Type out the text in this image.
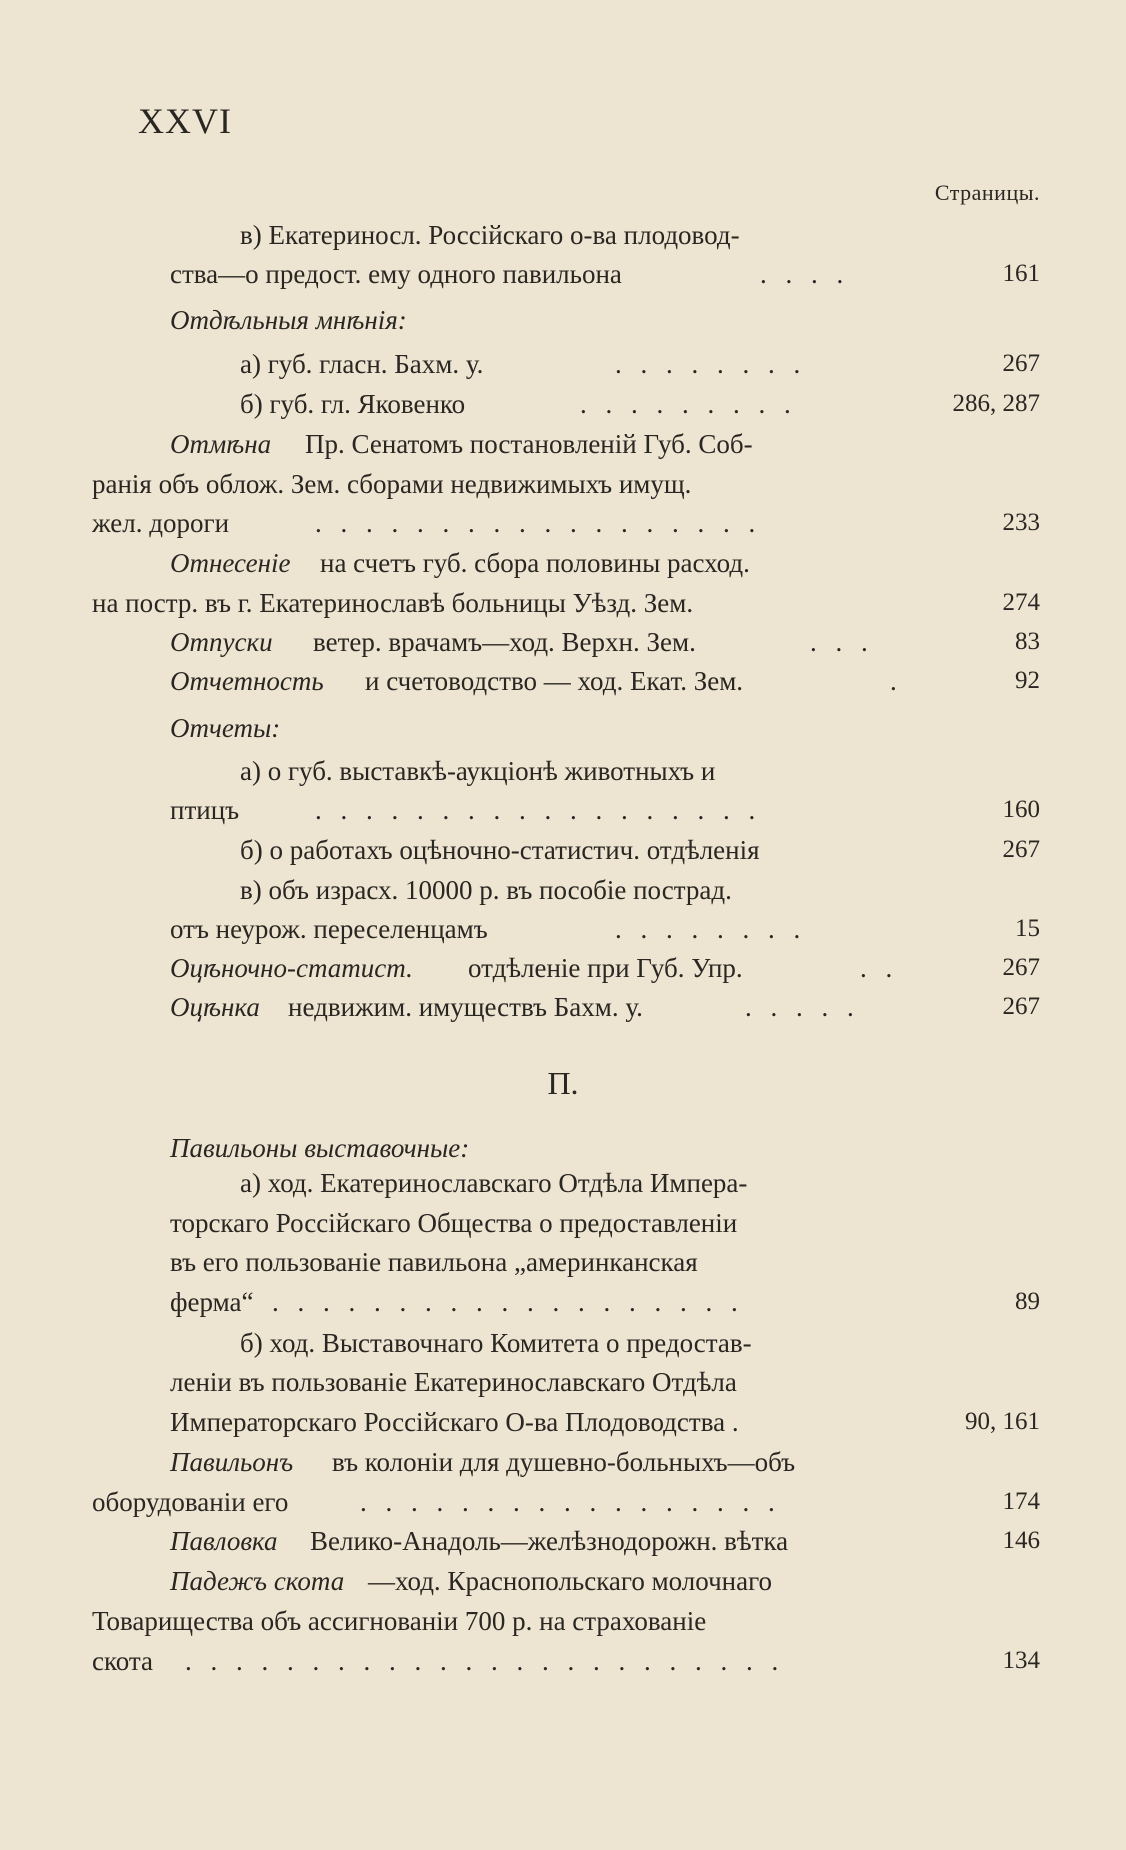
XXVI
Страницы.
в) Екатериносл. Россійскаго о-ва плодовод-
ства—о предост. ему одного павильона	. . . .	161
Отдѣльныя мнѣнія:
а) губ. гласн. Бахм. у.	. . . . . . . .	267
б) губ. гл. Яковенко	. . . . . . . . .	286, 287
Отмѣна Пр. Сенатомъ постановленій Губ. Соб-
ранія объ облож. Зем. сборами недвижимыхъ имущ.
жел. дороги	. . . . . . . . . . . . . . . . . .	233
Отнесеніе на счетъ губ. сбора половины расход.
на постр. въ г. Екатеринославѣ больницы Уѣзд. Зем.	274
Отпуски ветер. врачамъ—ход. Верхн. Зем.	. . .	83
Отчетность и счетоводство — ход. Екат. Зем.	.	92
Отчеты:
а) о губ. выставкѣ-аукціонѣ животныхъ и
птицъ	. . . . . . . . . . . . . . . . . .	160
б) о работахъ оцѣночно-статистич. отдѣленія	267
в) объ израсх. 10000 р. въ пособіе пострад.
отъ неурож. переселенцамъ	. . . . . . . .	15
Оцѣночно-статист. отдѣленіе при Губ. Упр.	. .	267
Оцѣнка недвижим. имуществъ Бахм. у.	. . . . .	267
П.
Павильоны выставочные:
а) ход. Екатеринославскаго Отдѣла Импера-
торскаго Россійскаго Общества о предоставленіи
въ его пользованіе павильона „америнканская
ферма“ . . . . . . . . . . . . . . . . . . .	89
б) ход. Выставочнаго Комитета о предостав-
леніи въ пользованіе Екатеринославскаго Отдѣла
Императорскаго Россійскаго О-ва Плодоводства .	90, 161
Павильонъ въ колоніи для душевно-больныхъ—объ
оборудованіи его	. . . . . . . . . . . . . . . . .	174
Павловка Велико-Анадоль—желѣзнодорожн. вѣтка	146
Падежъ скота —ход. Краснопольскаго молочнаго
Товарищества объ ассигнованіи 700 р. на страхованіе
скота . . . . . . . . . . . . . . . . . . . . . . . .	134
